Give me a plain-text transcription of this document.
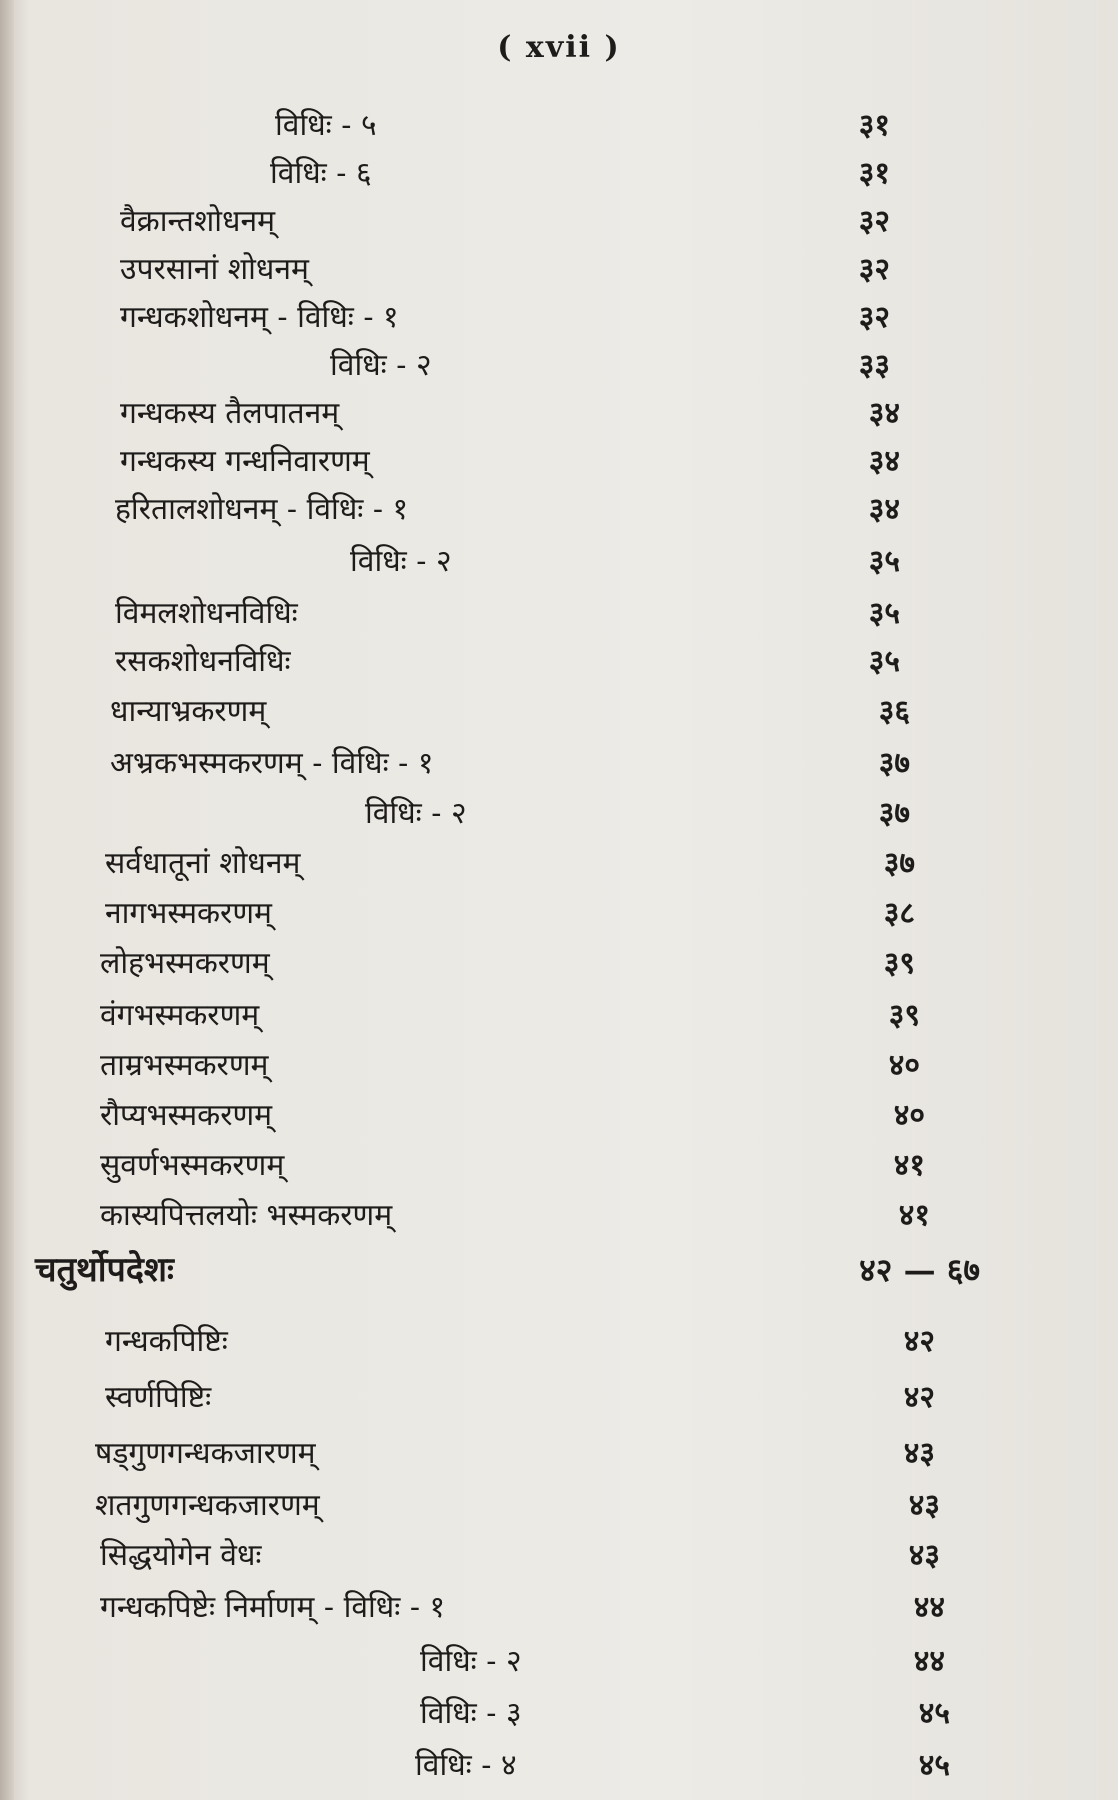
( xvii )
विधिः - ५	३१
विधिः - ६	३१
वैक्रान्तशोधनम्	३२
उपरसानां शोधनम्	३२
गन्धकशोधनम् - विधिः - १	३२
विधिः - २	३३
गन्धकस्य तैलपातनम्	३४
गन्धकस्य गन्धनिवारणम्	३४
हरितालशोधनम् - विधिः - १	३४
विधिः - २	३५
विमलशोधनविधिः	३५
रसकशोधनविधिः	३५
धान्याभ्रकरणम्	३६
अभ्रकभस्मकरणम् - विधिः - १	३७
विधिः - २	३७
सर्वधातूनां शोधनम्	३७
नागभस्मकरणम्	३८
लोहभस्मकरणम्	३९
वंगभस्मकरणम्	३९
ताम्रभस्मकरणम्	४०
रौप्यभस्मकरणम्	४०
सुवर्णभस्मकरणम्	४१
कास्यपित्तलयोः भस्मकरणम्	४१
चतुर्थोपदेशः	४२ — ६७
गन्धकपिष्टिः	४२
स्वर्णपिष्टिः	४२
षड्गुणगन्धकजारणम्	४३
शतगुणगन्धकजारणम्	४३
सिद्धयोगेन वेधः	४३
गन्धकपिष्टेः निर्माणम् - विधिः - १	४४
विधिः - २	४४
विधिः - ३	४५
विधिः - ४	४५
